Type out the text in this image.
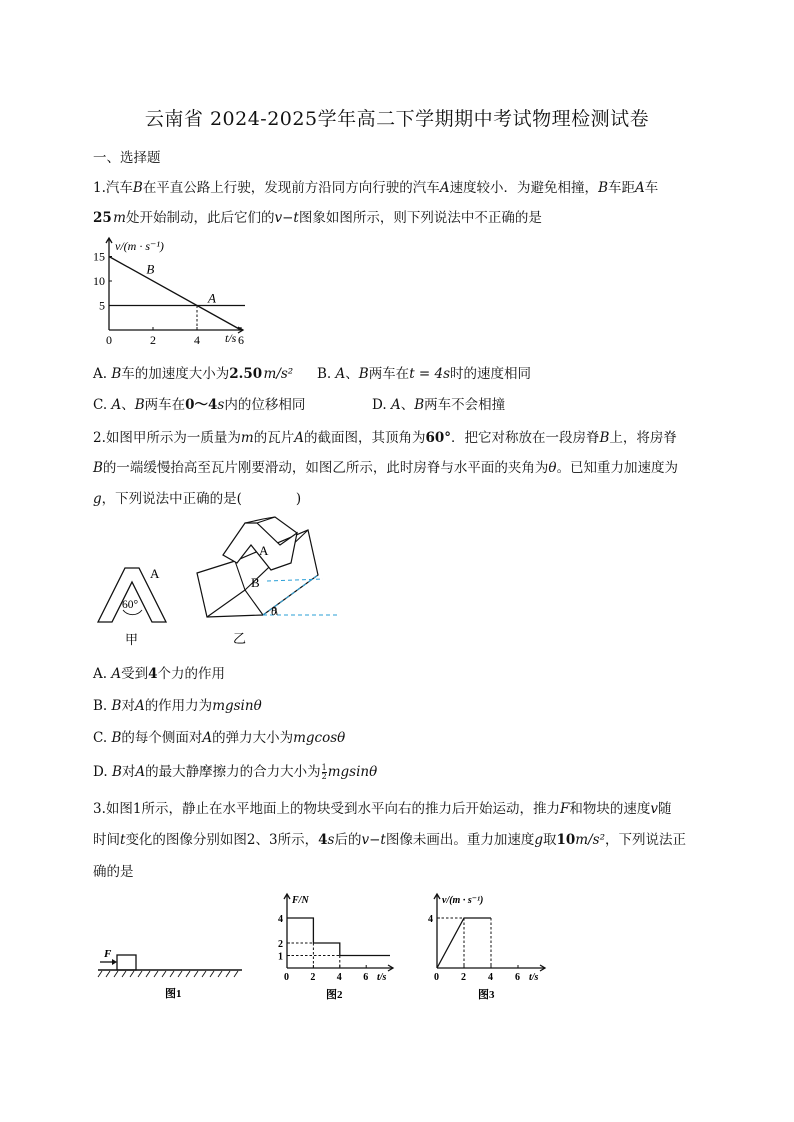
云南省 2024-2025学年高二下学期期中考试物理检测试卷
一、选择题
1.汽车B在平直公路上行驶，发现前方沿同方向行驶的汽车A速度较小．为避免相撞，B车距A车
25 m处开始制动，此后它们的v−t图象如图所示，则下列说法中不正确的是
0	2	4	6
5
10
15
v/(m · s⁻¹)
t/s
B
A
A. B车的加速度大小为2.50 m/s² B. A、B两车在t = 4s时的速度相同
C. A、B两车在0～4s内的位移相同	D. A、B两车不会相撞
2.如图甲所示为一质量为m的瓦片A的截面图，其顶角为60°．把它对称放在一段房脊B上，将房脊
B的一端缓慢抬高至瓦片刚要滑动，如图乙所示，此时房脊与水平面的夹角为θ。已知重力加速度为
g，下列说法中正确的是(　　　　)
A
60°
甲
A
B
θ
乙
A. A受到4个力的作用
B. B对A的作用力为mgsinθ
C. B的每个侧面对A的弹力大小为mgcosθ
D. B对A的最大静摩擦力的合力大小为 $\frac{1}{2}$ mgsinθ
3.如图1所示，静止在水平地面上的物块受到水平向右的推力后开始运动，推力F和物块的速度v随
时间t变化的图像分别如图2、3所示，4s后的v−t图像未画出。重力加速度g取10m/s²，下列说法正
确的是
F
图1
0 2 4 6
1
2
4
F/N
t/s
图2
0 2 4 6
4
v/(m · s⁻¹)
t/s
图3
